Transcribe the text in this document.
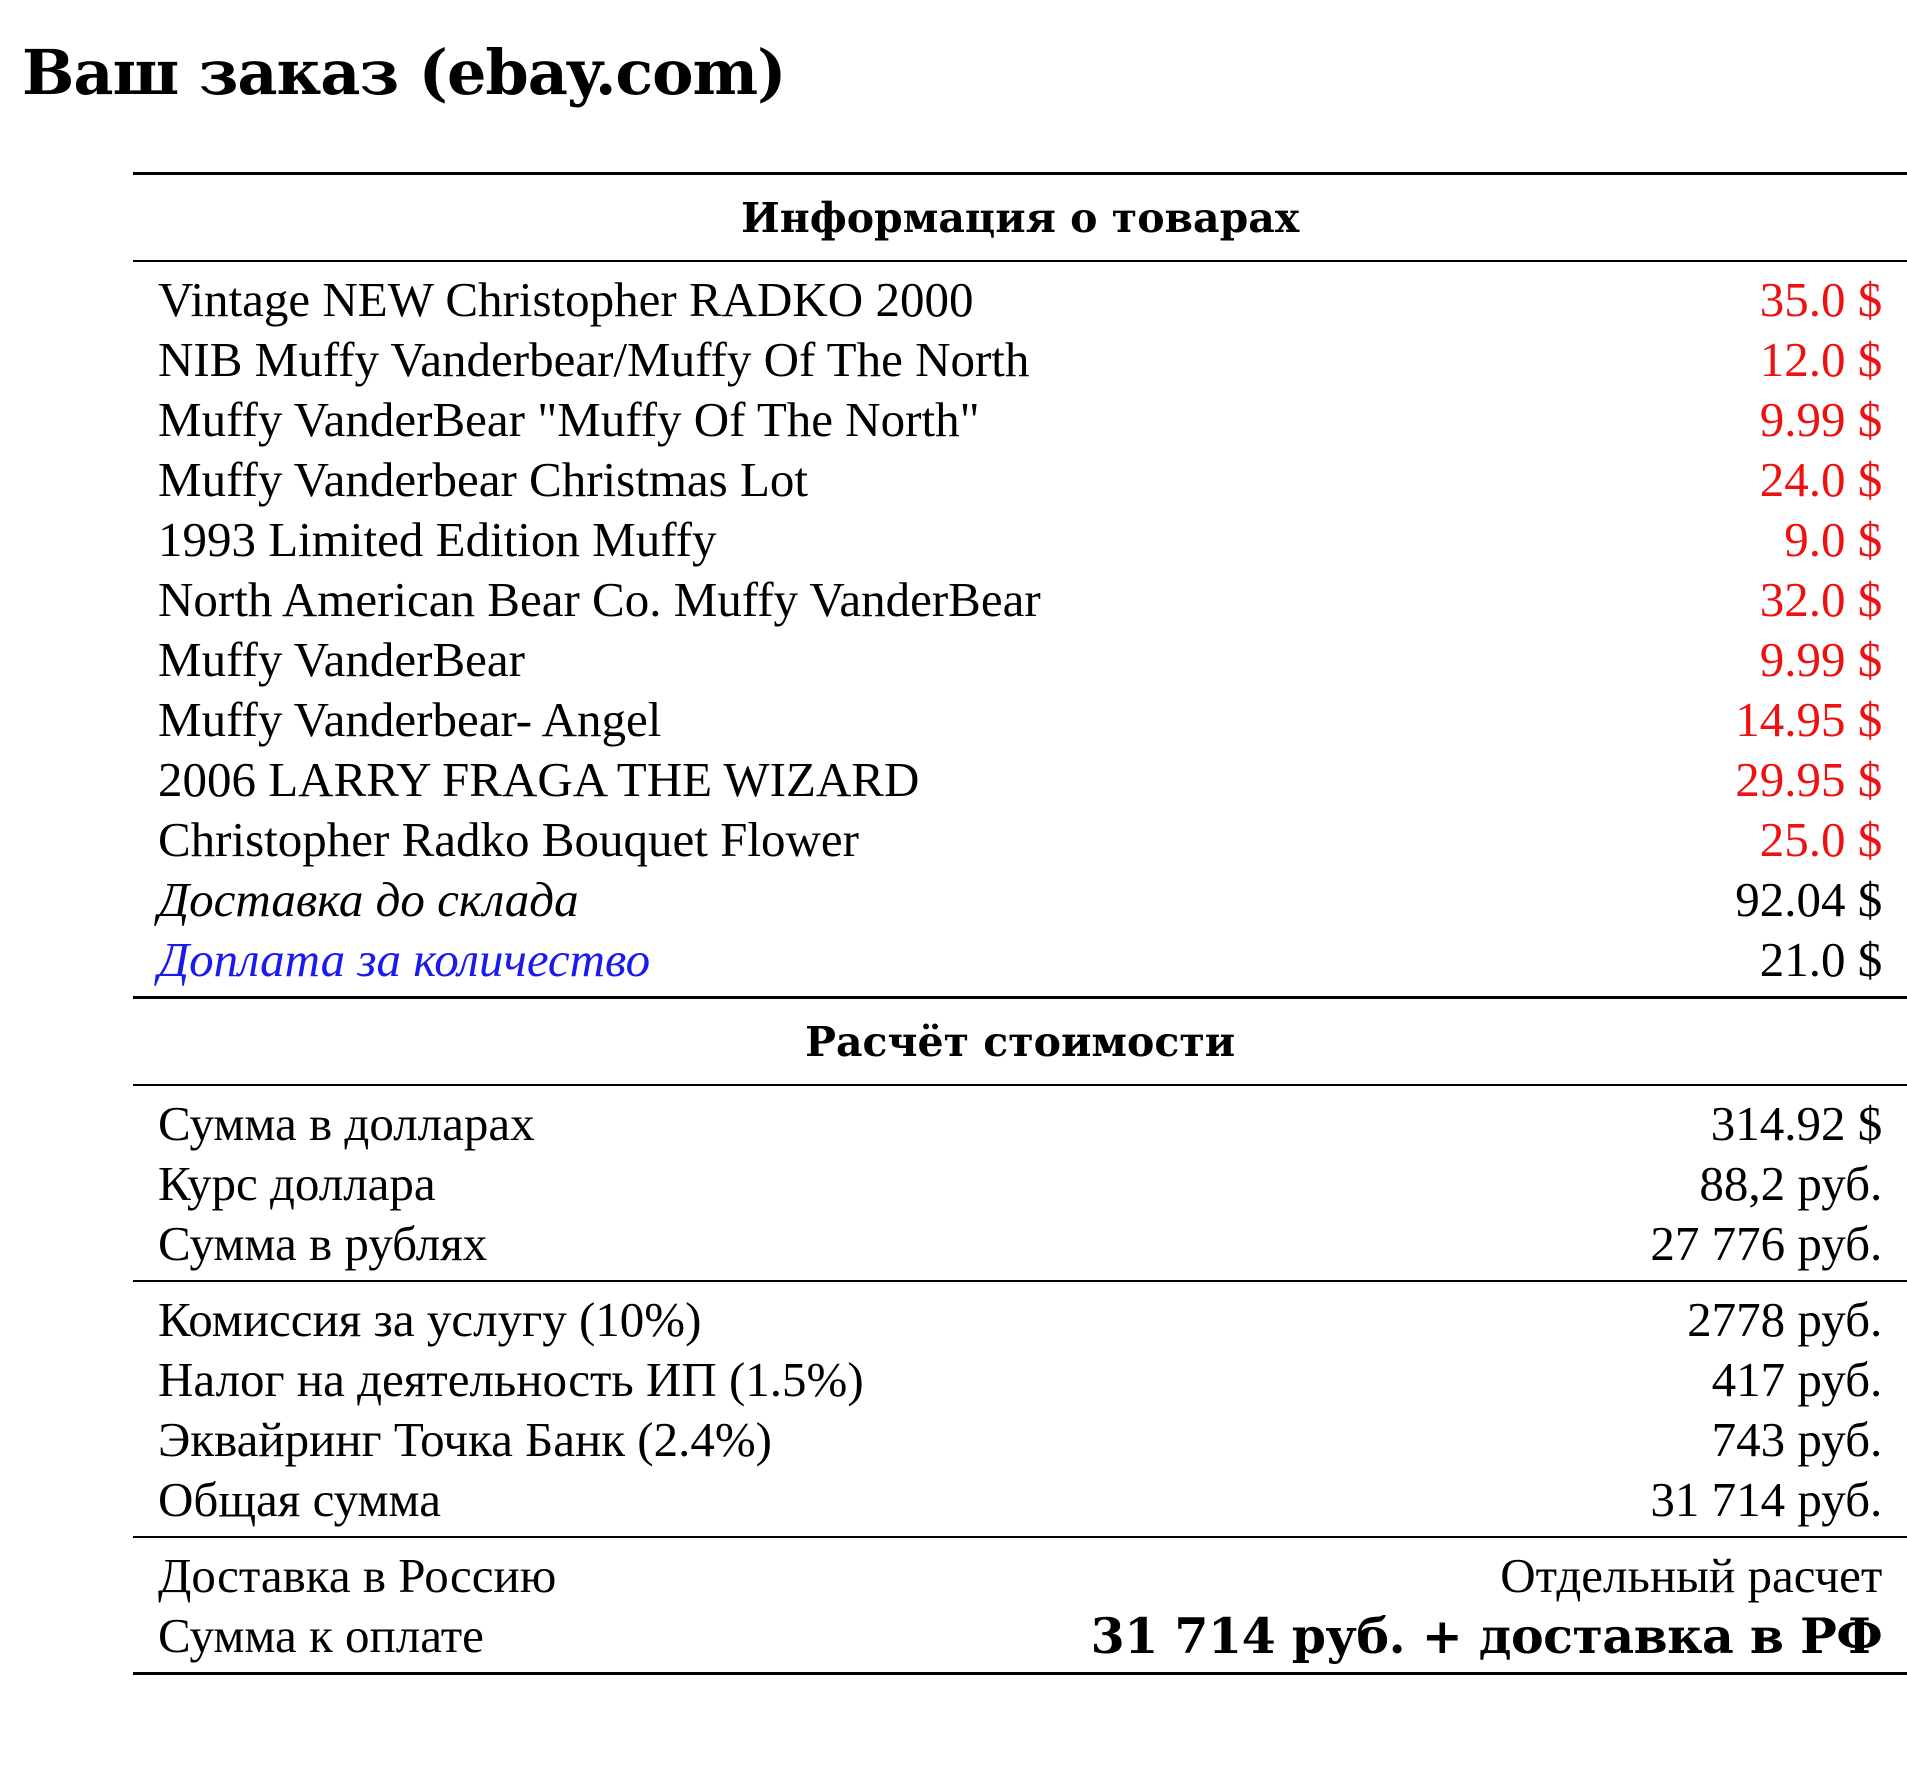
Ваш заказ (ebay.com)
Информация о товарах	
Vintage NEW Christopher RADKO 2000	35.0 $
NIB Muffy Vanderbear/Muffy Of The North	12.0 $
Muffy VanderBear "Muffy Of The North"	9.99 $
Muffy Vanderbear Christmas Lot	24.0 $
1993 Limited Edition Muffy	9.0 $
North American Bear Co. Muffy VanderBear	32.0 $
Muffy VanderBear	9.99 $
Muffy Vanderbear- Angel	14.95 $
2006 LARRY FRAGA THE WIZARD	29.95 $
Christopher Radko Bouquet Flower	25.0 $
Доставка до склада	92.04 $
Доплата за количество	21.0 $
Расчёт стоимости	
Сумма в долларах	314.92 $
Курс доллара	88,2 руб.
Сумма в рублях	27 776 руб.
Комиссия за услугу (10%)	2778 руб.
Налог на деятельность ИП (1.5%)	417 руб.
Эквайринг Точка Банк (2.4%)	743 руб.
Общая сумма	31 714 руб.
Доставка в Россию	Отдельный расчет
Сумма к оплате	31 714 руб. + доставка в РФ
